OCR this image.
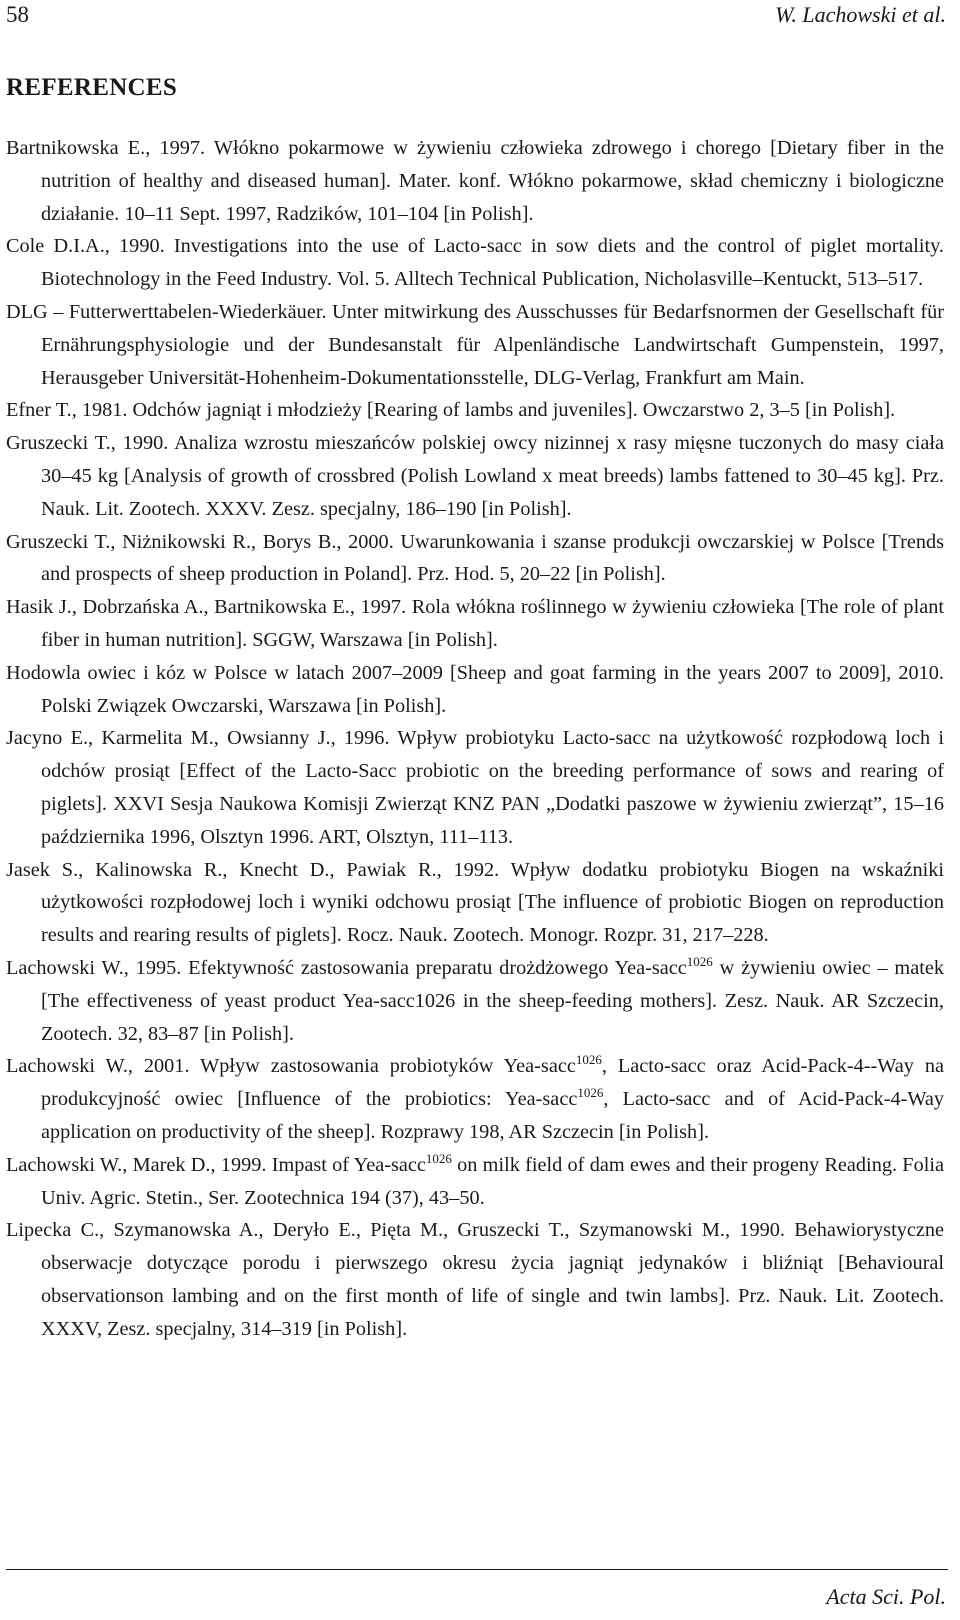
58	W. Lachowski et al.
REFERENCES

Bartnikowska E., 1997. Włókno pokarmowe w żywieniu człowieka zdrowego i chorego [Dietary fiber in the nutrition of healthy and diseased human]. Mater. konf. Włókno pokarmowe, skład chemiczny i biologiczne działanie. 10–11 Sept. 1997, Radzików, 101–104 [in Polish].

Cole D.I.A., 1990. Investigations into the use of Lacto-sacc in sow diets and the control of piglet mortality. Biotechnology in the Feed Industry. Vol. 5. Alltech Technical Publication, Nicholasville–Kentuckt, 513–517.

DLG – Futterwerttabelen-Wiederkäuer. Unter mitwirkung des Ausschusses für Bedarfsnormen der Gesellschaft für Ernährungsphysiologie und der Bundesanstalt für Alpenländische Landwirtschaft Gumpenstein, 1997, Herausgeber Universität-Hohenheim-Dokumentationsstelle, DLG-Verlag, Frankfurt am Main.

Efner T., 1981. Odchów jagniąt i młodzieży [Rearing of lambs and juveniles]. Owczarstwo 2, 3–5 [in Polish].

Gruszecki T., 1990. Analiza wzrostu mieszańców polskiej owcy nizinnej x rasy mięsne tuczonych do masy ciała 30–45 kg [Analysis of growth of crossbred (Polish Lowland x meat breeds) lambs fattened to 30–45 kg]. Prz. Nauk. Lit. Zootech. XXXV. Zesz. specjalny, 186–190 [in Polish].

Gruszecki T., Niżnikowski R., Borys B., 2000. Uwarunkowania i szanse produkcji owczarskiej w Polsce [Trends and prospects of sheep production in Poland]. Prz. Hod. 5, 20–22 [in Polish].

Hasik J., Dobrzańska A., Bartnikowska E., 1997. Rola włókna roślinnego w żywieniu człowieka [The role of plant fiber in human nutrition]. SGGW, Warszawa [in Polish].

Hodowla owiec i kóz w Polsce w latach 2007–2009 [Sheep and goat farming in the years 2007 to 2009], 2010. Polski Związek Owczarski, Warszawa [in Polish].

Jacyno E., Karmelita M., Owsianny J., 1996. Wpływ probiotyku Lacto-sacc na użytkowość rozpłodową loch i odchów prosiąt [Effect of the Lacto-Sacc probiotic on the breeding performance of sows and rearing of piglets]. XXVI Sesja Naukowa Komisji Zwierząt KNZ PAN „Dodatki paszowe w żywieniu zwierząt”, 15–16 października 1996, Olsztyn 1996. ART, Olsztyn, 111–113.

Jasek S., Kalinowska R., Knecht D., Pawiak R., 1992. Wpływ dodatku probiotyku Biogen na wskaźniki użytkowości rozpłodowej loch i wyniki odchowu prosiąt [The influence of probiotic Biogen on reproduction results and rearing results of piglets]. Rocz. Nauk. Zootech. Monogr. Rozpr. 31, 217–228.

Lachowski W., 1995. Efektywność zastosowania preparatu drożdżowego Yea-sacc$^{1026}$ w żywieniu owiec – matek [The effectiveness of yeast product Yea-sacc1026 in the sheep-feeding mothers]. Zesz. Nauk. AR Szczecin, Zootech. 32, 83–87 [in Polish].

Lachowski W., 2001. Wpływ zastosowania probiotyków Yea-sacc$^{1026}$, Lacto-sacc oraz Acid-Pack-4--Way na produkcyjność owiec [Influence of the probiotics: Yea-sacc$^{1026}$, Lacto-sacc and of Acid-Pack-4-Way application on productivity of the sheep]. Rozprawy 198, AR Szczecin [in Polish].

Lachowski W., Marek D., 1999. Impast of Yea-sacc$^{1026}$ on milk field of dam ewes and their progeny Reading. Folia Univ. Agric. Stetin., Ser. Zootechnica 194 (37), 43–50.

Lipecka C., Szymanowska A., Deryło E., Pięta M., Gruszecki T., Szymanowski M., 1990. Behawiorystyczne obserwacje dotyczące porodu i pierwszego okresu życia jagniąt jedynaków i bliźniąt [Behavioural observationson lambing and on the first month of life of single and twin lambs]. Prz. Nauk. Lit. Zootech. XXXV, Zesz. specjalny, 314–319 [in Polish].

Acta Sci. Pol.
